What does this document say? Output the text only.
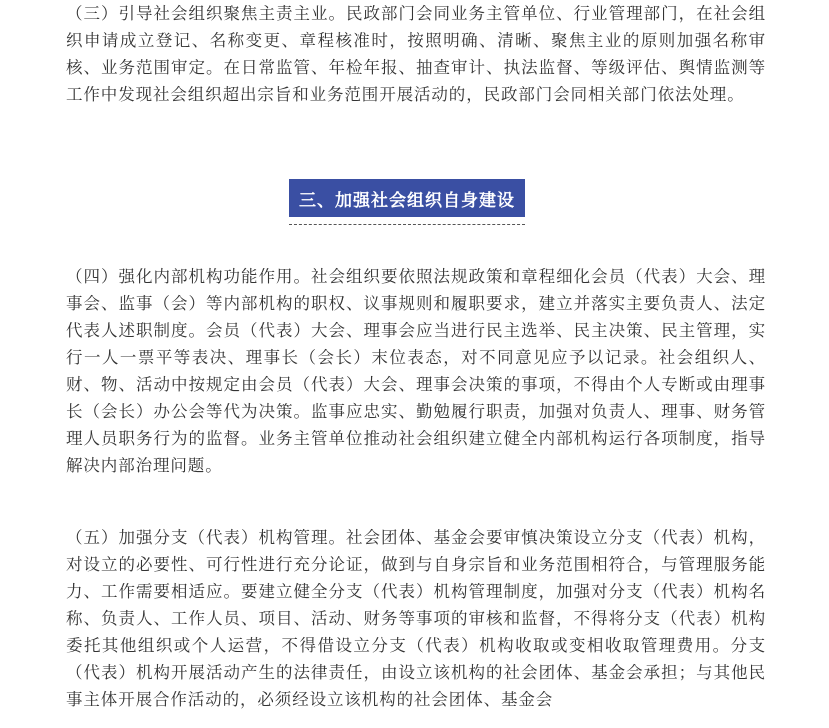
（三）引导社会组织聚焦主责主业。民政部门会同业务主管单位、行业管理部门，在社会组织申请成立登记、名称变更、章程核准时，按照明确、清晰、聚焦主业的原则加强名称审核、业务范围审定。在日常监管、年检年报、抽查审计、执法监督、等级评估、舆情监测等工作中发现社会组织超出宗旨和业务范围开展活动的，民政部门会同相关部门依法处理。

三、加强社会组织自身建设

（四）强化内部机构功能作用。社会组织要依照法规政策和章程细化会员（代表）大会、理事会、监事（会）等内部机构的职权、议事规则和履职要求，建立并落实主要负责人、法定代表人述职制度。会员（代表）大会、理事会应当进行民主选举、民主决策、民主管理，实行一人一票平等表决、理事长（会长）末位表态，对不同意见应予以记录。社会组织人、财、物、活动中按规定由会员（代表）大会、理事会决策的事项，不得由个人专断或由理事长（会长）办公会等代为决策。监事应忠实、勤勉履行职责，加强对负责人、理事、财务管理人员职务行为的监督。业务主管单位推动社会组织建立健全内部机构运行各项制度，指导解决内部治理问题。

（五）加强分支（代表）机构管理。社会团体、基金会要审慎决策设立分支（代表）机构，对设立的必要性、可行性进行充分论证，做到与自身宗旨和业务范围相符合，与管理服务能力、工作需要相适应。要建立健全分支（代表）机构管理制度，加强对分支（代表）机构名称、负责人、工作人员、项目、活动、财务等事项的审核和监督，不得将分支（代表）机构委托其他组织或个人运营，不得借设立分支（代表）机构收取或变相收取管理费用。分支（代表）机构开展活动产生的法律责任，由设立该机构的社会团体、基金会承担；与其他民事主体开展合作活动的，必须经设立该机构的社会团体、基金会
